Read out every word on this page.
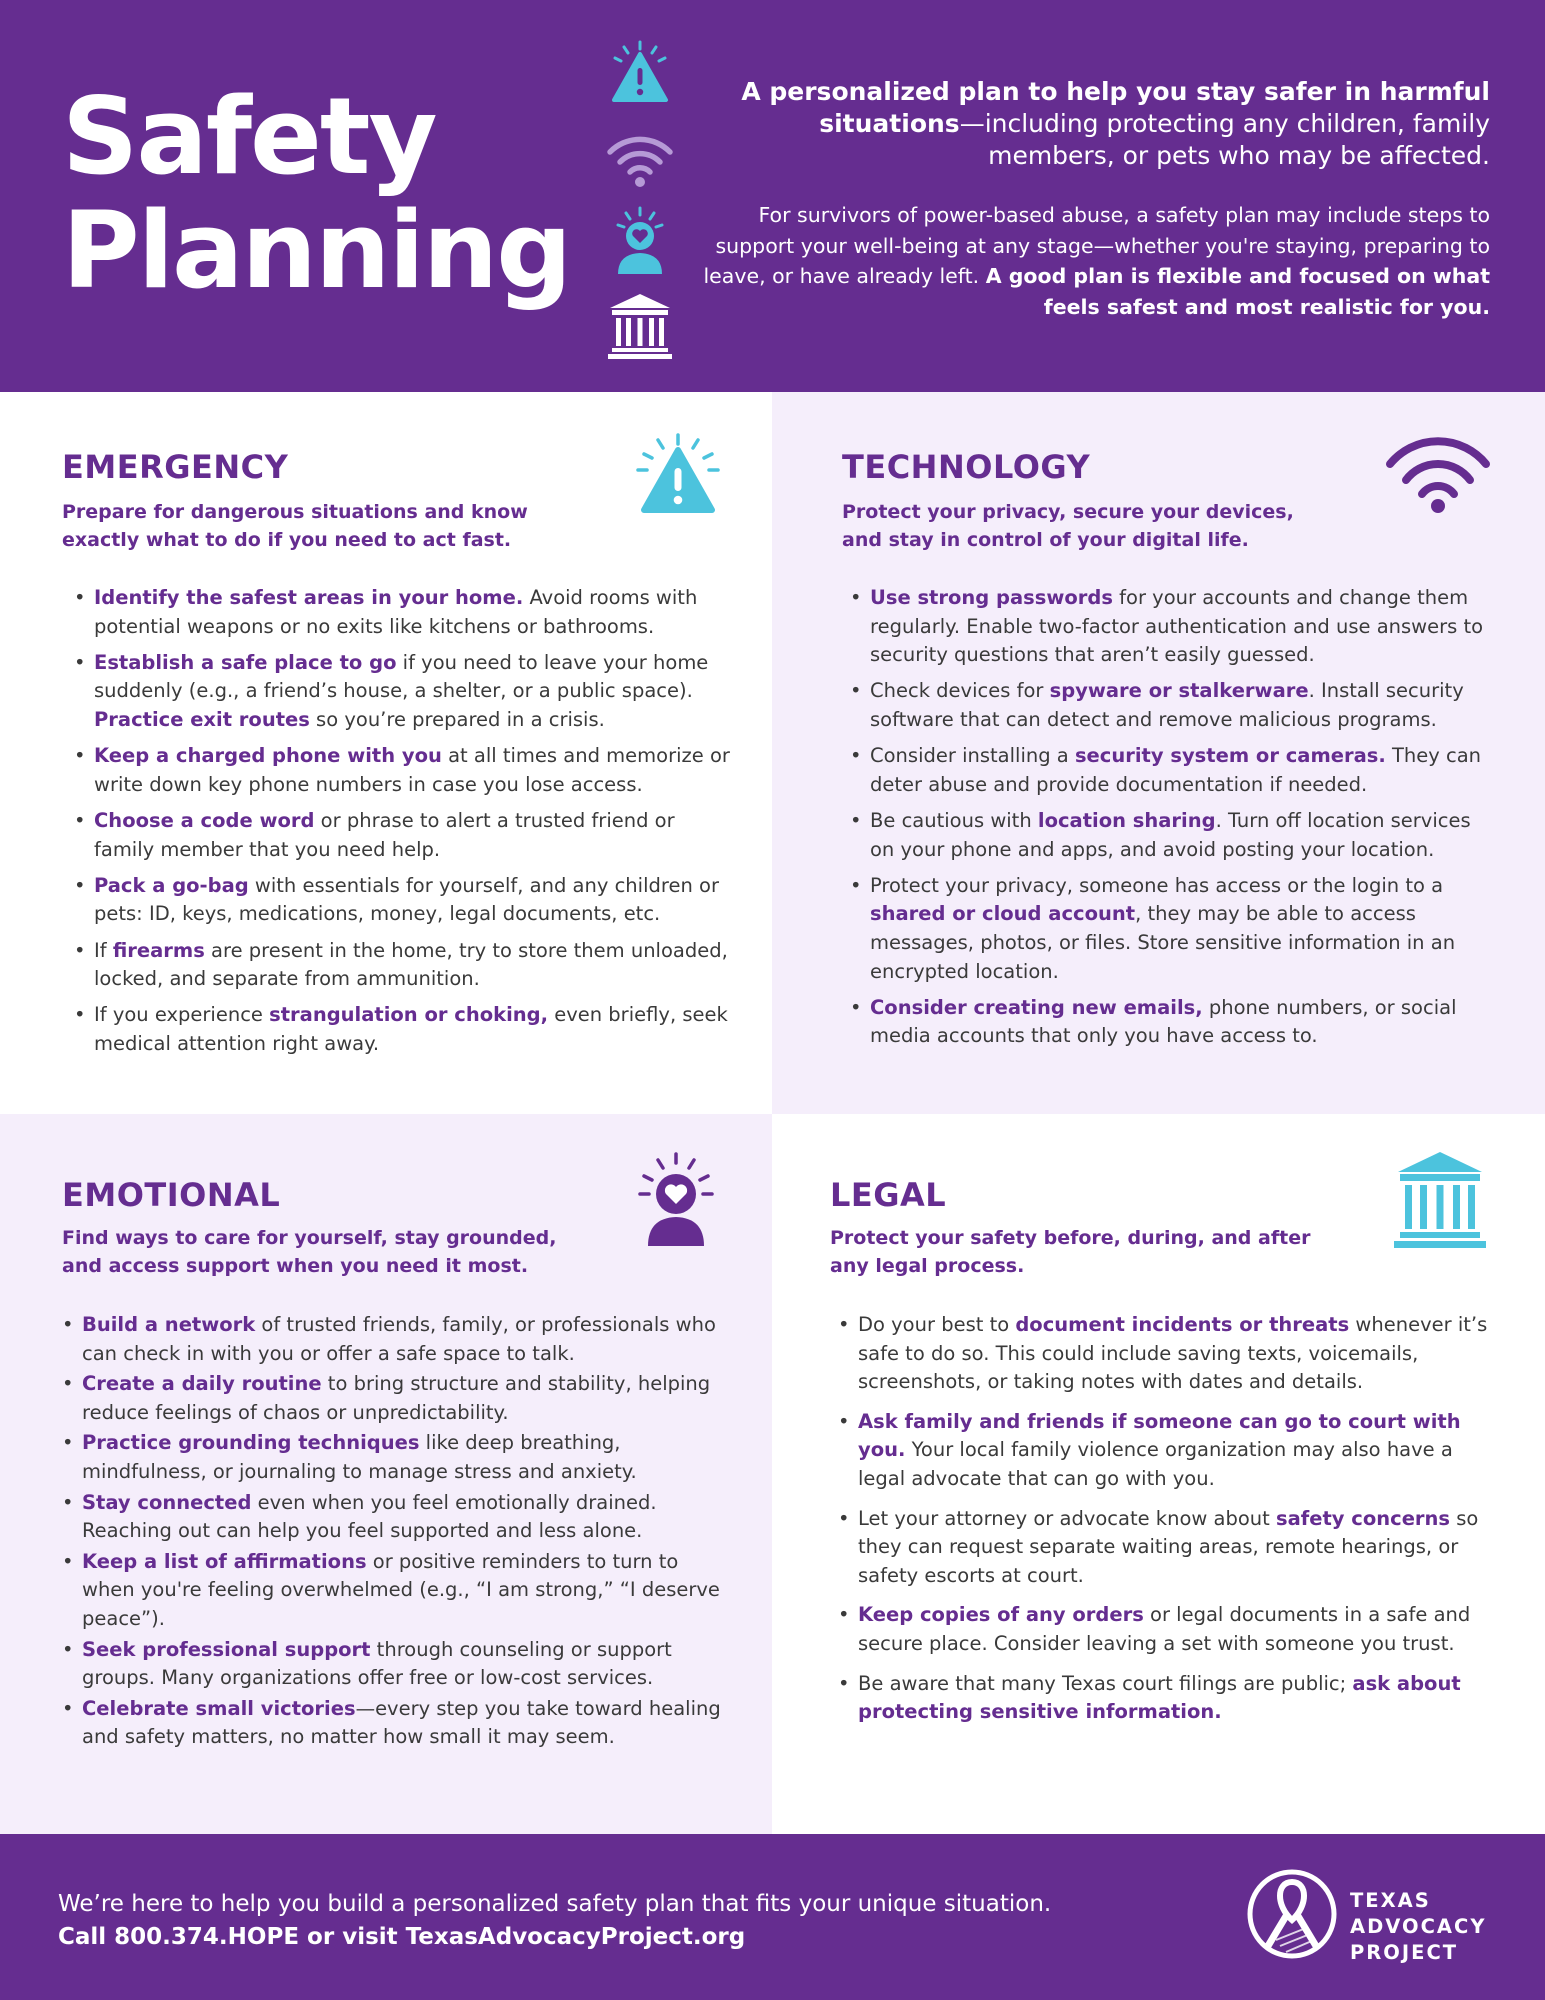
Safety
Planning

A personalized plan to help you stay safer in harmful situations—including protecting any children, family members, or pets who may be affected.

For survivors of power-based abuse, a safety plan may include steps to support your well-being at any stage—whether you're staying, preparing to leave, or have already left. A good plan is flexible and focused on what feels safest and most realistic for you.

EMERGENCY

Prepare for dangerous situations and know
exactly what to do if you need to act fast.

• Identify the safest areas in your home. Avoid rooms with potential weapons or no exits like kitchens or bathrooms.
• Establish a safe place to go if you need to leave your home suddenly (e.g., a friend’s house, a shelter, or a public space). Practice exit routes so you’re prepared in a crisis.
• Keep a charged phone with you at all times and memorize or write down key phone numbers in case you lose access.
• Choose a code word or phrase to alert a trusted friend or family member that you need help.
• Pack a go-bag with essentials for yourself, and any children or pets: ID, keys, medications, money, legal documents, etc.
• If firearms are present in the home, try to store them unloaded, locked, and separate from ammunition.
• If you experience strangulation or choking, even briefly, seek medical attention right away.
TECHNOLOGY

Protect your privacy, secure your devices,
and stay in control of your digital life.

• Use strong passwords for your accounts and change them regularly. Enable two-factor authentication and use answers to security questions that aren’t easily guessed.
• Check devices for spyware or stalkerware. Install security software that can detect and remove malicious programs.
• Consider installing a security system or cameras. They can deter abuse and provide documentation if needed.
• Be cautious with location sharing. Turn off location services on your phone and apps, and avoid posting your location.
• Protect your privacy, someone has access or the login to a shared or cloud account, they may be able to access messages, photos, or files. Store sensitive information in an encrypted location.
• Consider creating new emails, phone numbers, or social media accounts that only you have access to.
EMOTIONAL

Find ways to care for yourself, stay grounded,
and access support when you need it most.

• Build a network of trusted friends, family, or professionals who can check in with you or offer a safe space to talk.
• Create a daily routine to bring structure and stability, helping reduce feelings of chaos or unpredictability.
• Practice grounding techniques like deep breathing, mindfulness, or journaling to manage stress and anxiety.
• Stay connected even when you feel emotionally drained. Reaching out can help you feel supported and less alone.
• Keep a list of affirmations or positive reminders to turn to when you're feeling overwhelmed (e.g., “I am strong,” “I deserve peace”).
• Seek professional support through counseling or support groups. Many organizations offer free or low-cost services.
• Celebrate small victories—every step you take toward healing and safety matters, no matter how small it may seem.
LEGAL

Protect your safety before, during, and after
any legal process.

• Do your best to document incidents or threats whenever it’s safe to do so. This could include saving texts, voicemails, screenshots, or taking notes with dates and details.
• Ask family and friends if someone can go to court with you. Your local family violence organization may also have a legal advocate that can go with you.
• Let your attorney or advocate know about safety concerns so they can request separate waiting areas, remote hearings, or safety escorts at court.
• Keep copies of any orders or legal documents in a safe and secure place. Consider leaving a set with someone you trust.
• Be aware that many Texas court filings are public; ask about protecting sensitive information.

We’re here to help you build a personalized safety plan that fits your unique situation.
Call 800.374.HOPE or visit TexasAdvocacyProject.org

TEXAS
ADVOCACY
PROJECT
